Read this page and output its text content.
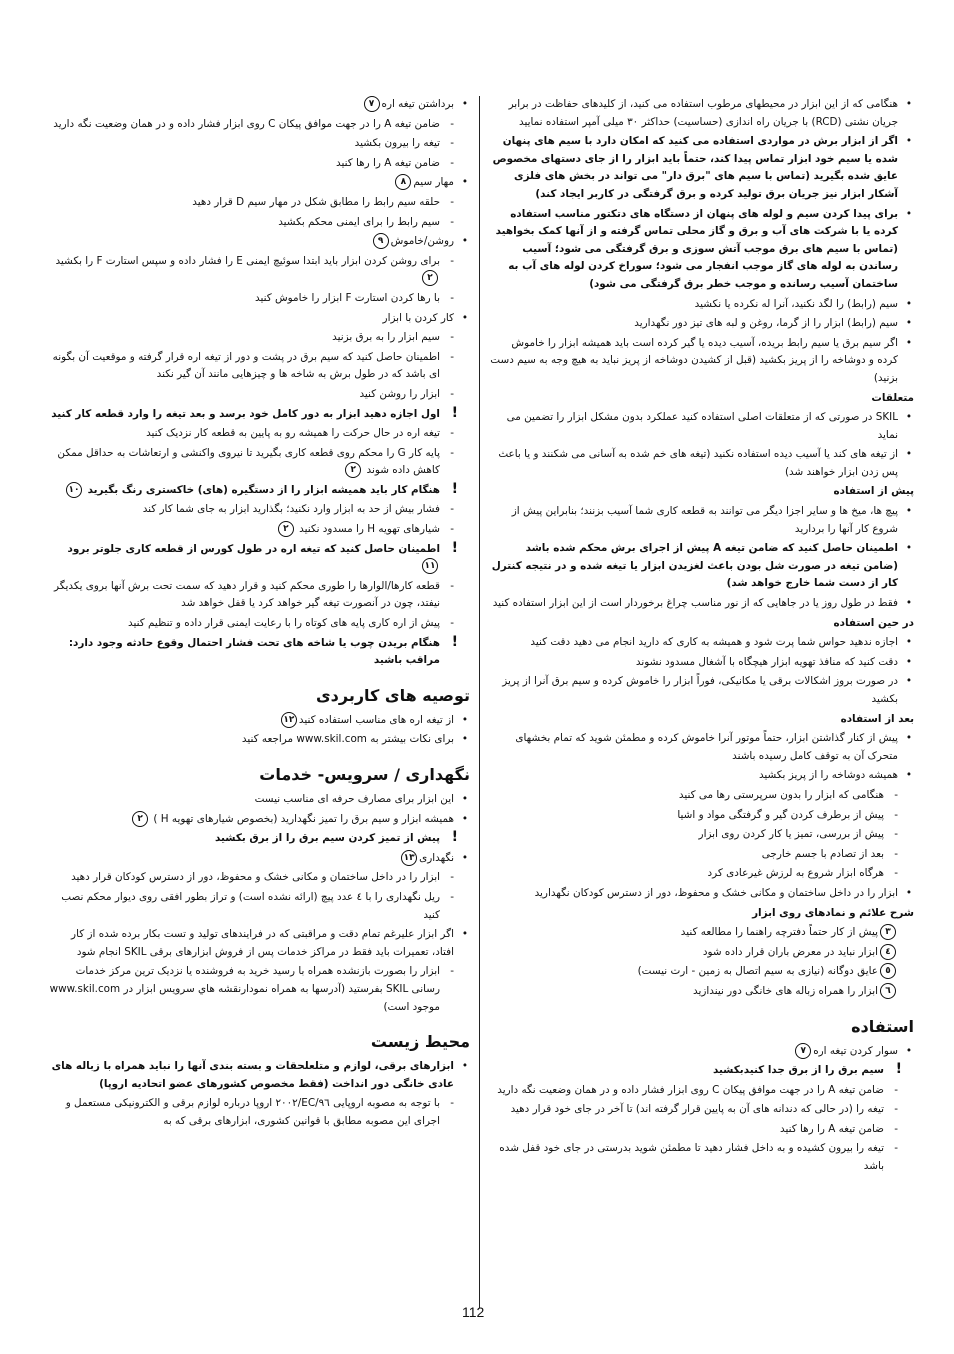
•
هنگامی که از این ابزار در محیطهای مرطوب استفاده می کنید، از کلیدهای حفاظت در برابر جریان نشتی (RCD) با جریان راه اندازی (حساسیت) حداکثر ۳۰ میلی آمپر استفاده نمایید
•
اگر از ابزار برش در مواردی استفاده می کنید که امکان دارد با سیم های پنهان شده یا سیم خود ابزار تماس پیدا کند، حتماً باید ابزار را از جای دستهای مخصوص عایق شده بگیرید (تماس با سیم های "برق دار" می تواند در بخش های فلزی آشکار ابزار نیز جریان برق تولید کرده و برق گرفتگی در کاربر ایجاد کند)
•
برای پیدا کردن سیم و لوله های پنهان از دستگاه های دتکتور مناسب استفاده کرده یا با شرکت های آب و برق و گاز محلی تماس گرفته و از آنها کمک بخواهید (تماس با سیم های برق موجب آتش سوزی و برق گرفتگی می شود؛ آسیب رساندن به لوله های گاز موجب انفجار می شود؛ سوراخ کردن لوله های آب به ساختمان آسیب رسانده و موجب خطر برق گرفتگی می شود)
•
سیم (رابط) را لگد نکنید، آنرا له نکرده یا نکشید
•
سیم (رابط) ابزار را از گرما، روغن و لبه های تیز دور نگهدارید
•
اگر سیم برق یا سیم رابط بریده، آسیب دیده یا گیر کرده است باید همیشه ابزار را خاموش کرده و دوشاخه را از پریز بکشید (قبل از کشیدن دوشاخه از پریز نباید به هیچ وجه به سیم دست بزنید)
متعلقات
•
SKIL در صورتی که از متعلقات اصلی استفاده کنید عملکرد بدون مشکل ابزار را تضمین می نماید
•
از تیغه های کند یا آسیب دیده استفاده نکنید (تیغه های خم شده به آسانی می شکنند و یا باعث پس زدن ابزار خواهند شد)
پیش از استفاده
•
پیچ ها، میخ ها و سایر اجزا دیگر می توانند به قطعه کاری شما آسیب بزنند؛ بنابراین پیش از شروع کار آنها را بردارید
•
اطمینان حاصل کنید که ضامن تیغه A پیش از اجرای برش محکم شده باشد (ضامن تیغه در صورت شل بودن باعث لغزیدن ابزار یا تیغه شده و در نتیجه کنترل کار از دست شما خارج خواهد شد)
•
فقط در طول روز یا در جاهایی که از نور مناسب چراغ برخوردار است از این ابزار استفاده کنید
در حین استفاده
•
اجازه ندهید حواس شما پرت شود و همیشه به کاری که دارید انجام می دهید دقت کنید
•
دقت کنید که منافذ تهویه ابزار هیچگاه با آشغال مسدود نشوند
•
در صورت بروز اشکالات برقی یا مکانیکی، فوراً ابزار را خاموش کرده و سیم برق آنرا از پریز بکشید
بعد از استفاده
•
پیش از کنار گذاشتن ابزار، حتماً موتور آنرا خاموش کرده و مطمئن شوید که تمام بخشهای متحرک آن به توقف کامل رسیده باشند
•
همیشه دوشاخه را از پریز بکشید
-
هنگامی که ابزار را بدون سرپرستی رها می کنید
-
پیش از برطرف کردن گیر و گرفتگی مواد و اشیا
-
پیش از بررسی، تمیز یا کار کردن روی ابزار
-
بعد از تصادم با جسم خارجی
-
هرگاه ابزار شروع به لرزش غیرعادی کرد
•
ابزار را در داخل ساختمان و مکانی خشک و محفوظ، دور از دسترس کودکان نگهدارید
شرح علائم و نمادهای روی ابزار
٣پیش از کار حتماً دفترچه راهنما را مطالعه کنید
٤ابزار نباید در معرض باران قرار داده شود
٥عایق دوگانه (نیازی به سیم اتصال به زمین - ارت نیست)
٦ابزار را همراه زباله های خانگی دور نیندازید
استفاده
•
سوار کردن تیغه اره٧
!
سیم برق را از برق جدا کنیدبکشید
-
ضامن تیغه A را در جهت موافق پیکان C روی ابزار فشار داده و در همان وضعیت نگه دارید
-
تیغه را (در حالی که دندانه های آن به پایین قرار گرفته اند) تا آخر در جای خود قرار دهید
-
ضامن تیغه A را رها کنید
-
تیغه را بیرون کشیده و به داخل فشار دهید تا مطمئن شوید بدرستی در جای خود قفل شده باشد
•
برداشتن تیغه اره٧
-
ضامن تیغه A را در جهت موافق پیکان C روی ابزار فشار داده و در همان وضعیت نگه دارید
-
تیغه را بیرون بکشید
-
ضامن تیغه A را رها کنید
•
مهار سیم٨
-
حلقه سیم رابط را مطابق شکل در مهار سیم D قرار دهید
-
سیم رابط را برای ایمنی محکم بکشید
•
روشن/خاموش٩
-
برای روشن کردن ابزار باید ابتدا سوئیچ ایمنی E را فشار داده و سپس استارت F را بکشید ٢
-
با رها کردن استارت F ابزار را خاموش کنید
•
کار کردن با ابزار
-
سیم ابزار را به برق بزنید
-
اطمینان حاصل کنید که سیم برق در پشت و دور از تیغه اره قرار گرفته و موقعیت آن بگونه ای باشد که در طول برش به شاخه ها و چیزهایی مانند آن گیر نکند
-
ابزار را روشن کنید
!
اول اجازه دهید ابزار به دور کامل خود برسد و بعد تیغه را وارد قطعه کار کنید
-
تیغه اره در حال حرکت را همیشه رو به پایین به قطعه کار نزدیک کنید
-
پایه کار G را محکم روی قطعه کاری بگیرید تا نیروی واکنشی و ارتعاشات به حداقل ممکن کاهش داده شوند ٢
!
هنگام کار باید همیشه ابزار را از دستگیره (های) خاکستری رنگ بگیرید ١٠
-
فشار بیش از حد به ابزار وارد نکنید؛ بگذارید ابزار به جای شما کار کند
-
شیارهای تهویه H را مسدود نکنید ٢
!
اطمینان حاصل کنید که تیغه اره در طول کورس از قطعه کاری جلوتر برود ١١
-
قطعه کارها/الوارها را طوری محکم کنید و قرار دهید که سمت تحت برش آنها بروی یکدیگر نیفتد، چون در آنصورت تیغه گیر خواهد کرد یا قفل خواهد شد
-
پیش از اره کاری پایه های کوتاه را با رعایت ایمنی قرار داده و تنظیم کنید
!
هنگام بریدن چوب یا شاخه های تحت فشار احتمال وقوع حادثه وجود دارد: مراقب باشید
توصیه های کاربردی
•
از تیغه اره های مناسب استفاده کنید١٢
•
برای نکات بیشتر به www.skil.com مراجعه کنید
نگهداری / سرویس- خدمات
•
این ابزار برای مصارف حرفه ای مناسب نیست
•
همیشه ابزار و سیم برق را تمیز نگهدارید (بخصوص شیارهای تهویه H ) ٢
!
پیش از تمیز کردن سیم برق را از برق بکشید
•
نگهداری١٣
-
ابزار را در داخل ساختمان و مکانی خشک و محفوظ، دور از دسترس کودکان قرار دهید
-
ریل نگهداری را با ٤ عدد پیچ (ارائه نشده است) و تراز بطور افقی روی دیوار محکم نصب کنید
•
اگر ابزار علیرغم تمام دقت و مراقبتی که در فرایندهای تولید و تست بکار برده شده از کار افتاد، تعمیرات باید فقط در مراکز خدمات پس از فروش ابزارهای برقی SKIL انجام شود
-
ابزار را بصورت بازنشده همراه با رسید خرید به فروشنده یا نزدیک ترین مرکز خدمات رسانی SKIL بفرستید (آدرسها به همراه نمودارنقشه هاي سرويس ابزار در www.skil.com موجود است)
محیط زیست
•
ابزارهای برقی، لوازم و متلعلحقات و بسته بندی آنها را نباید همراه با زباله های عادی خانگی دور انداخت (فقط مخصوص کشورهای عضو اتحادیه اروپا)
-
با توجه به مصوبه اروپایی EC/۹٦/۲۰۰۲ اروپا درباره لوازم برقی و الکترونیکی مستعمل و اجرای این مصوبه مطابق با قوانین کشوری، ابزارهای برقی که به
112
